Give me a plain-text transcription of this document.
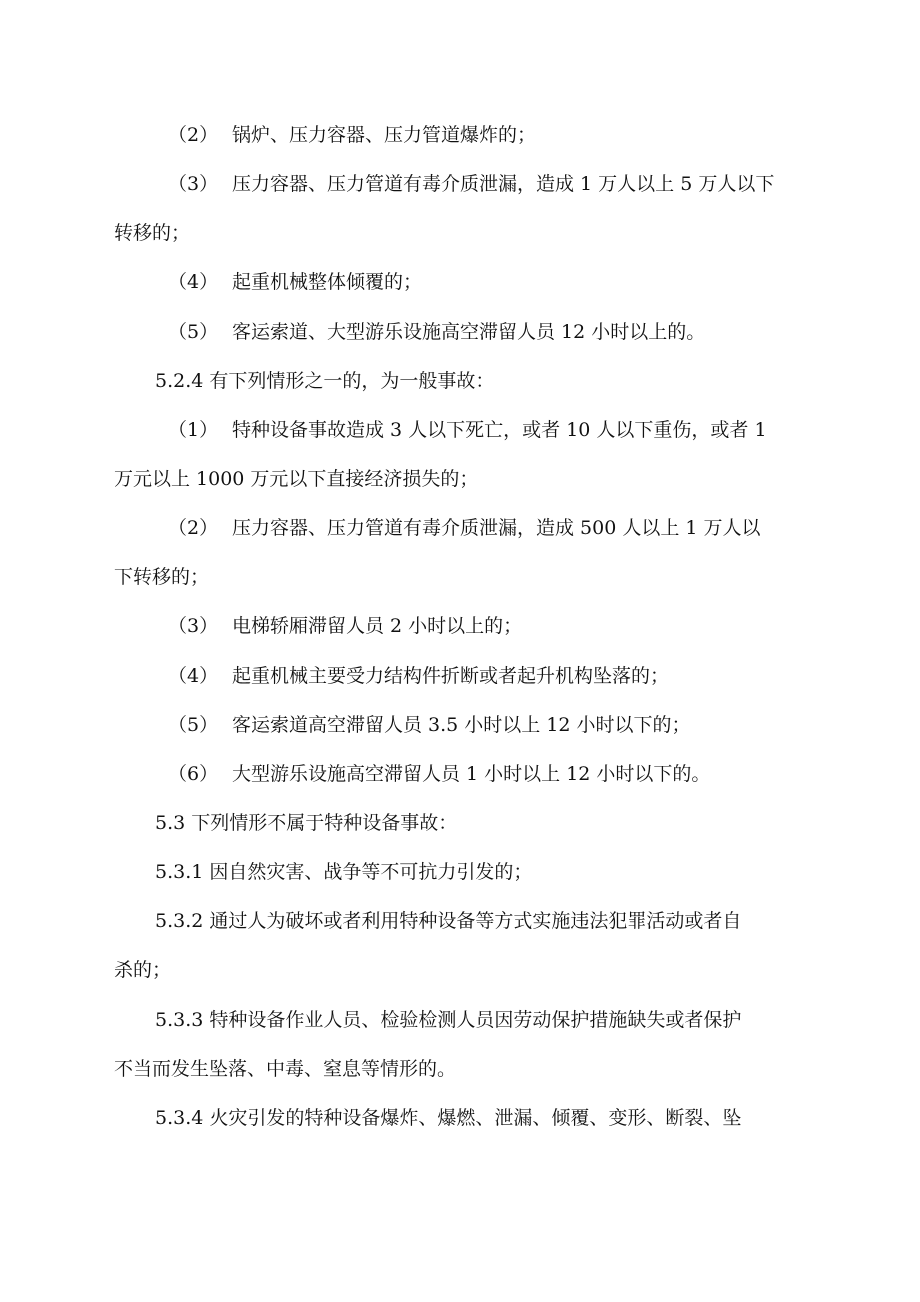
（2） 锅炉、压力容器、压力管道爆炸的；
（3） 压力容器、压力管道有毒介质泄漏，造成 1 万人以上 5 万人以下
转移的；
（4） 起重机械整体倾覆的；
（5） 客运索道、大型游乐设施高空滞留人员 12 小时以上的。
5.2.4 有下列情形之一的，为一般事故：
（1） 特种设备事故造成 3 人以下死亡，或者 10 人以下重伤，或者 1
万元以上 1000 万元以下直接经济损失的；
（2） 压力容器、压力管道有毒介质泄漏，造成 500 人以上 1 万人以
下转移的；
（3） 电梯轿厢滞留人员 2 小时以上的；
（4） 起重机械主要受力结构件折断或者起升机构坠落的；
（5） 客运索道高空滞留人员 3.5 小时以上 12 小时以下的；
（6） 大型游乐设施高空滞留人员 1 小时以上 12 小时以下的。
5.3 下列情形不属于特种设备事故：
5.3.1 因自然灾害、战争等不可抗力引发的；
5.3.2 通过人为破坏或者利用特种设备等方式实施违法犯罪活动或者自
杀的；
5.3.3 特种设备作业人员、检验检测人员因劳动保护措施缺失或者保护
不当而发生坠落、中毒、窒息等情形的。
5.3.4 火灾引发的特种设备爆炸、爆燃、泄漏、倾覆、变形、断裂、坠
